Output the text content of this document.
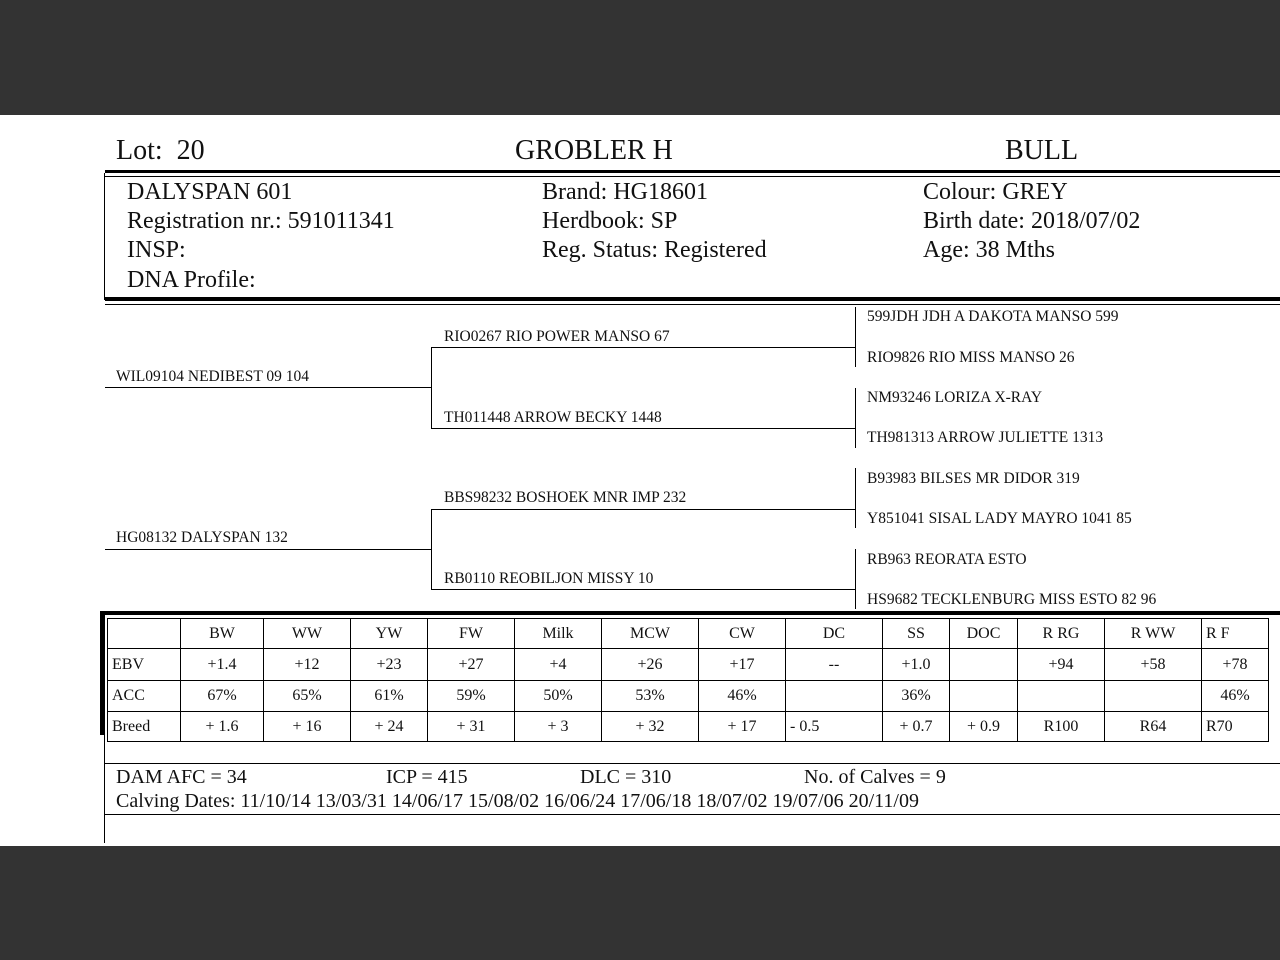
Lot: 20	GROBLER H	BULL
DALYSPAN 601
Registration nr.: 591011341
INSP:
DNA Profile:
Brand: HG18601
Herdbook: SP
Reg. Status: Registered
Colour: GREY
Birth date: 2018/07/02
Age: 38 Mths
WIL09104 NEDIBEST 09 104
HG08132 DALYSPAN 132
RIO0267 RIO POWER MANSO 67
TH011448 ARROW BECKY 1448
BBS98232 BOSHOEK MNR IMP 232
RB0110 REOBILJON MISSY 10
599JDH JDH A DAKOTA MANSO 599
RIO9826 RIO MISS MANSO 26
NM93246 LORIZA X-RAY
TH981313 ARROW JULIETTE 1313
B93983 BILSES MR DIDOR 319
Y851041 SISAL LADY MAYRO 1041 85
RB963 REORATA ESTO
HS9682 TECKLENBURG MISS ESTO 82 96
	BW	WW	YW	FW	Milk	MCW	CW	DC	SS	DOC	R RG	R WW	R F
EBV	+1.4	+12	+23	+27	+4	+26	+17	--	+1.0		+94	+58	+78
ACC	67%	65%	61%	59%	50%	53%	46%		36%				46%
Breed	+ 1.6	+ 16	+ 24	+ 31	+ 3	+ 32	+ 17	- 0.5	+ 0.7	+ 0.9	R100	R64	R70
DAM AFC = 34	ICP = 415	DLC = 310	No. of Calves = 9
Calving Dates: 11/10/14 13/03/31 14/06/17 15/08/02 16/06/24 17/06/18 18/07/02 19/07/06 20/11/09
